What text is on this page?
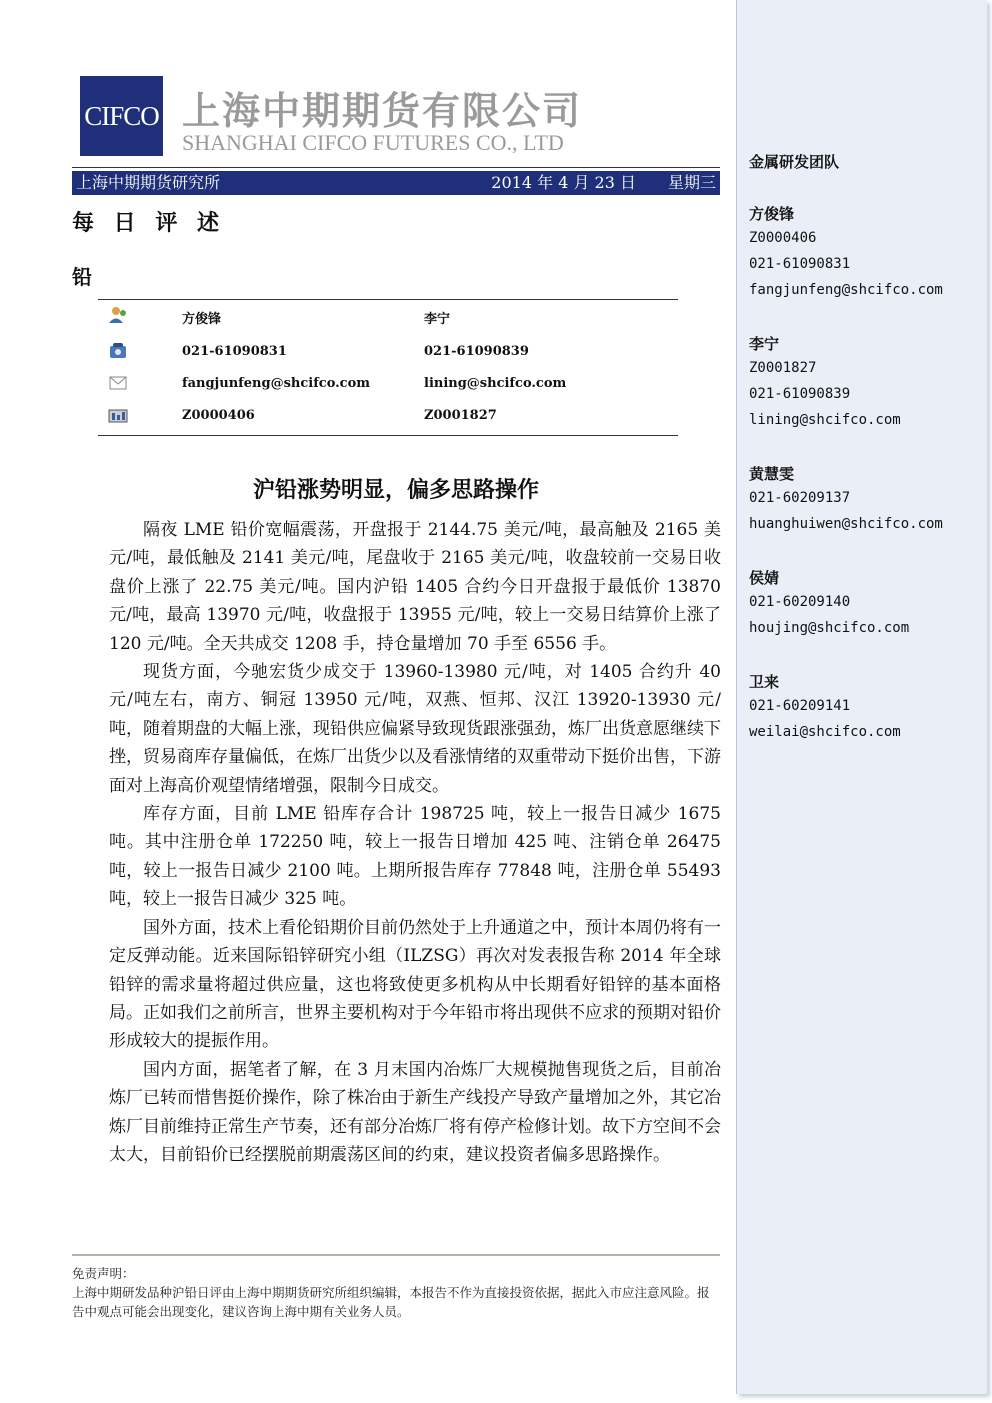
CIFCO 上海中期期货有限公司
SHANGHAI CIFCO FUTURES CO., LTD
上海中期期货研究所	2014 年 4 月 23 日 星期三
每 日 评 述
铅
方俊锋	李宁
021-61090831	021-61090839
fangjunfeng@shcifco.com	lining@shcifco.com
Z0000406	Z0001827
沪铅涨势明显，偏多思路操作

隔夜 LME 铅价宽幅震荡，开盘报于 2144.75 美元/吨，最高触及 2165 美元/吨，最低触及 2141 美元/吨，尾盘收于 2165 美元/吨，收盘较前一交易日收盘价上涨了 22.75 美元/吨。国内沪铅 1405 合约今日开盘报于最低价 13870 元/吨，最高 13970 元/吨，收盘报于 13955 元/吨，较上一交易日结算价上涨了 120 元/吨。全天共成交 1208 手，持仓量增加 70 手至 6556 手。

现货方面，今驰宏货少成交于 13960-13980 元/吨，对 1405 合约升 40 元/吨左右，南方、铜冠 13950 元/吨，双燕、恒邦、汉江 13920-13930 元/吨，随着期盘的大幅上涨，现铅供应偏紧导致现货跟涨强劲，炼厂出货意愿继续下挫，贸易商库存量偏低，在炼厂出货少以及看涨情绪的双重带动下挺价出售，下游面对上海高价观望情绪增强，限制今日成交。

库存方面，目前 LME 铅库存合计 198725 吨，较上一报告日减少 1675 吨。其中注册仓单 172250 吨，较上一报告日增加 425 吨、注销仓单 26475 吨，较上一报告日减少 2100 吨。上期所报告库存 77848 吨，注册仓单 55493 吨，较上一报告日减少 325 吨。

国外方面，技术上看伦铅期价目前仍然处于上升通道之中，预计本周仍将有一定反弹动能。近来国际铅锌研究小组（ILZSG）再次对发表报告称 2014 年全球铅锌的需求量将超过供应量，这也将致使更多机构从中长期看好铅锌的基本面格局。正如我们之前所言，世界主要机构对于今年铅市将出现供不应求的预期对铅价形成较大的提振作用。

国内方面，据笔者了解，在 3 月末国内冶炼厂大规模抛售现货之后，目前冶炼厂已转而惜售挺价操作，除了株冶由于新生产线投产导致产量增加之外，其它冶炼厂目前维持正常生产节奏，还有部分冶炼厂将有停产检修计划。故下方空间不会太大，目前铅价已经摆脱前期震荡区间的约束，建议投资者偏多思路操作。

免责声明：
上海中期研发品种沪铅日评由上海中期期货研究所组织编辑，本报告不作为直接投资依据，据此入市应注意风险。报告中观点可能会出现变化，建议咨询上海中期有关业务人员。
金属研发团队
方俊锋
Z0000406
021-61090831
fangjunfeng@shcifco.com
李宁
Z0001827
021-61090839
lining@shcifco.com
黄慧雯
021-60209137
huanghuiwen@shcifco.com
侯婧
021-60209140
houjing@shcifco.com
卫来
021-60209141
weilai@shcifco.com
